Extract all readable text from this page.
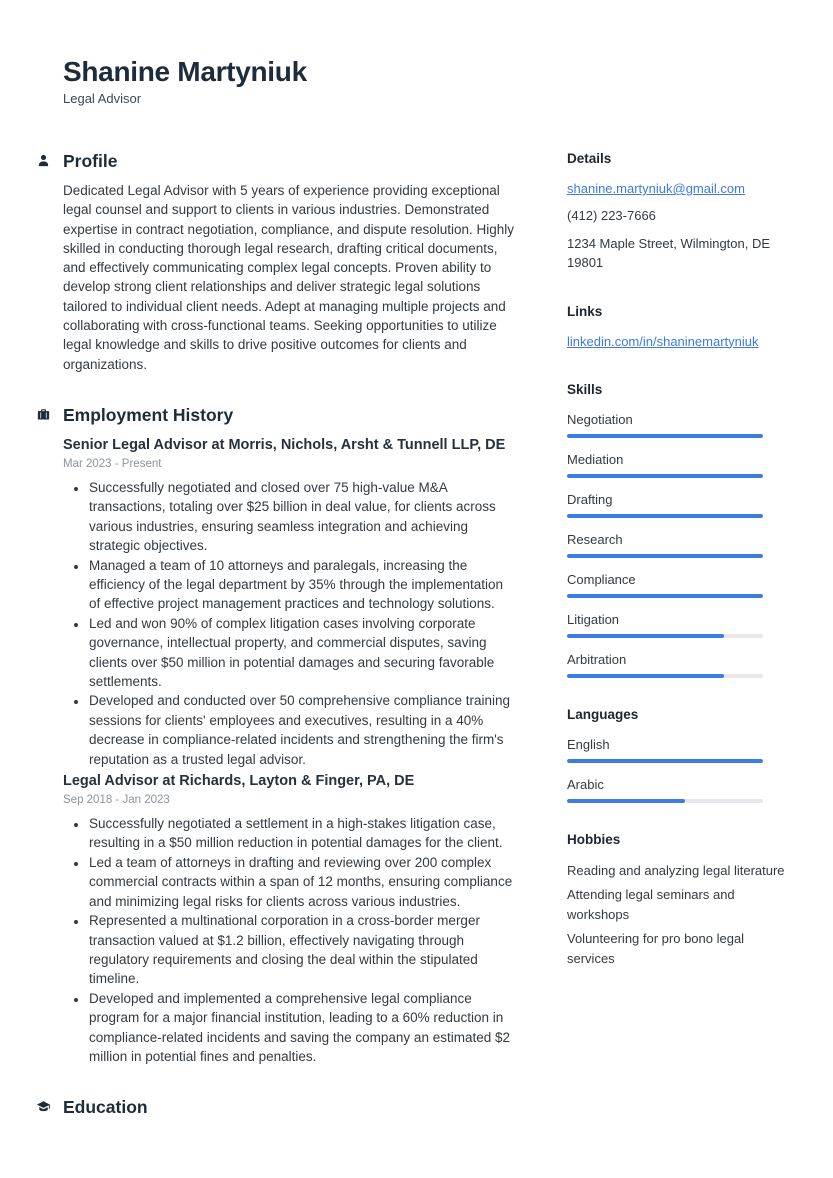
Shanine Martyniuk
Legal Advisor
Profile

Dedicated Legal Advisor with 5 years of experience providing exceptional legal counsel and support to clients in various industries. Demonstrated expertise in contract negotiation, compliance, and dispute resolution. Highly skilled in conducting thorough legal research, drafting critical documents, and effectively communicating complex legal concepts. Proven ability to develop strong client relationships and deliver strategic legal solutions tailored to individual client needs. Adept at managing multiple projects and collaborating with cross-functional teams. Seeking opportunities to utilize legal knowledge and skills to drive positive outcomes for clients and organizations.

Employment History
Senior Legal Advisor at Morris, Nichols, Arsht & Tunnell LLP, DE
Mar 2023 - Present
• Successfully negotiated and closed over 75 high-value M&A transactions, totaling over $25 billion in deal value, for clients across various industries, ensuring seamless integration and achieving strategic objectives.
• Managed a team of 10 attorneys and paralegals, increasing the efficiency of the legal department by 35% through the implementation of effective project management practices and technology solutions.
• Led and won 90% of complex litigation cases involving corporate governance, intellectual property, and commercial disputes, saving clients over $50 million in potential damages and securing favorable settlements.
• Developed and conducted over 50 comprehensive compliance training sessions for clients' employees and executives, resulting in a 40% decrease in compliance-related incidents and strengthening the firm's reputation as a trusted legal advisor.
Legal Advisor at Richards, Layton & Finger, PA, DE
Sep 2018 - Jan 2023
• Successfully negotiated a settlement in a high-stakes litigation case, resulting in a $50 million reduction in potential damages for the client.
• Led a team of attorneys in drafting and reviewing over 200 complex commercial contracts within a span of 12 months, ensuring compliance and minimizing legal risks for clients across various industries.
• Represented a multinational corporation in a cross-border merger transaction valued at $1.2 billion, effectively navigating through regulatory requirements and closing the deal within the stipulated timeline.
• Developed and implemented a comprehensive legal compliance program for a major financial institution, leading to a 60% reduction in compliance-related incidents and saving the company an estimated $2 million in potential fines and penalties.
Education
Details
shanine.martyniuk@gmail.com
(412) 223-7666
1234 Maple Street, Wilmington, DE 19801
Links
linkedin.com/in/shaninemartyniuk
Skills
Negotiation
Mediation
Drafting
Research
Compliance
Litigation
Arbitration
Languages
English
Arabic
Hobbies
Reading and analyzing legal literature
Attending legal seminars and workshops
Volunteering for pro bono legal services
